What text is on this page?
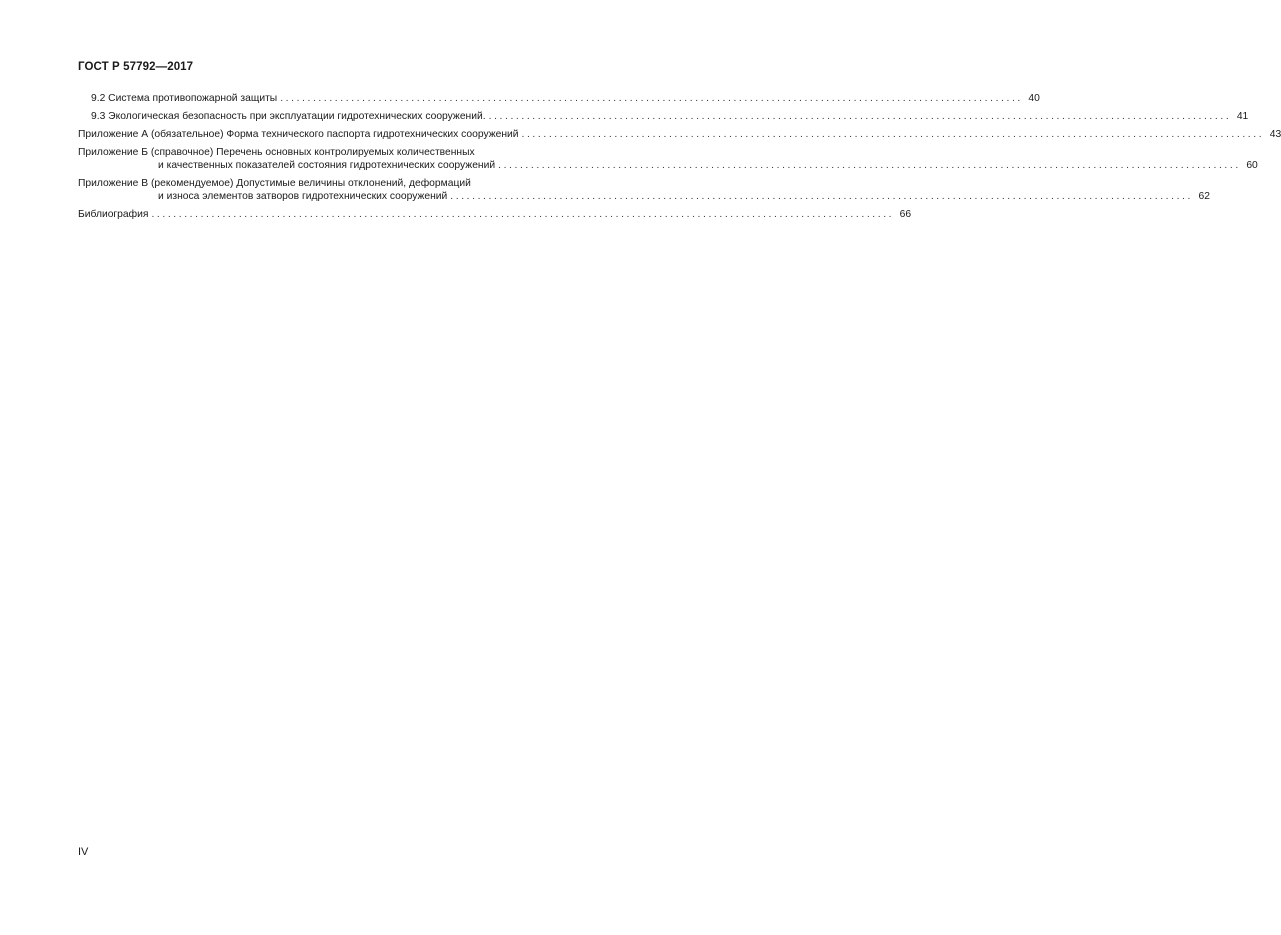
ГОСТ Р 57792—2017
9.2 Система противопожарной защиты ........................................................................................................................................ 40
9.3 Экологическая безопасность при эксплуатации гидротехнических сооружений. ........................................................................................................................................ 41
Приложение А (обязательное) Форма технического паспорта гидротехнических сооружений ........................................................................................................................................ 43
Приложение Б (справочное) Перечень основных контролируемых количественных
и качественных показателей состояния гидротехнических сооружений ........................................................................................................................................ 60
Приложение В (рекомендуемое) Допустимые величины отклонений, деформаций
и износа элементов затворов гидротехнических сооружений ........................................................................................................................................ 62
Библиография ........................................................................................................................................ 66
IV
